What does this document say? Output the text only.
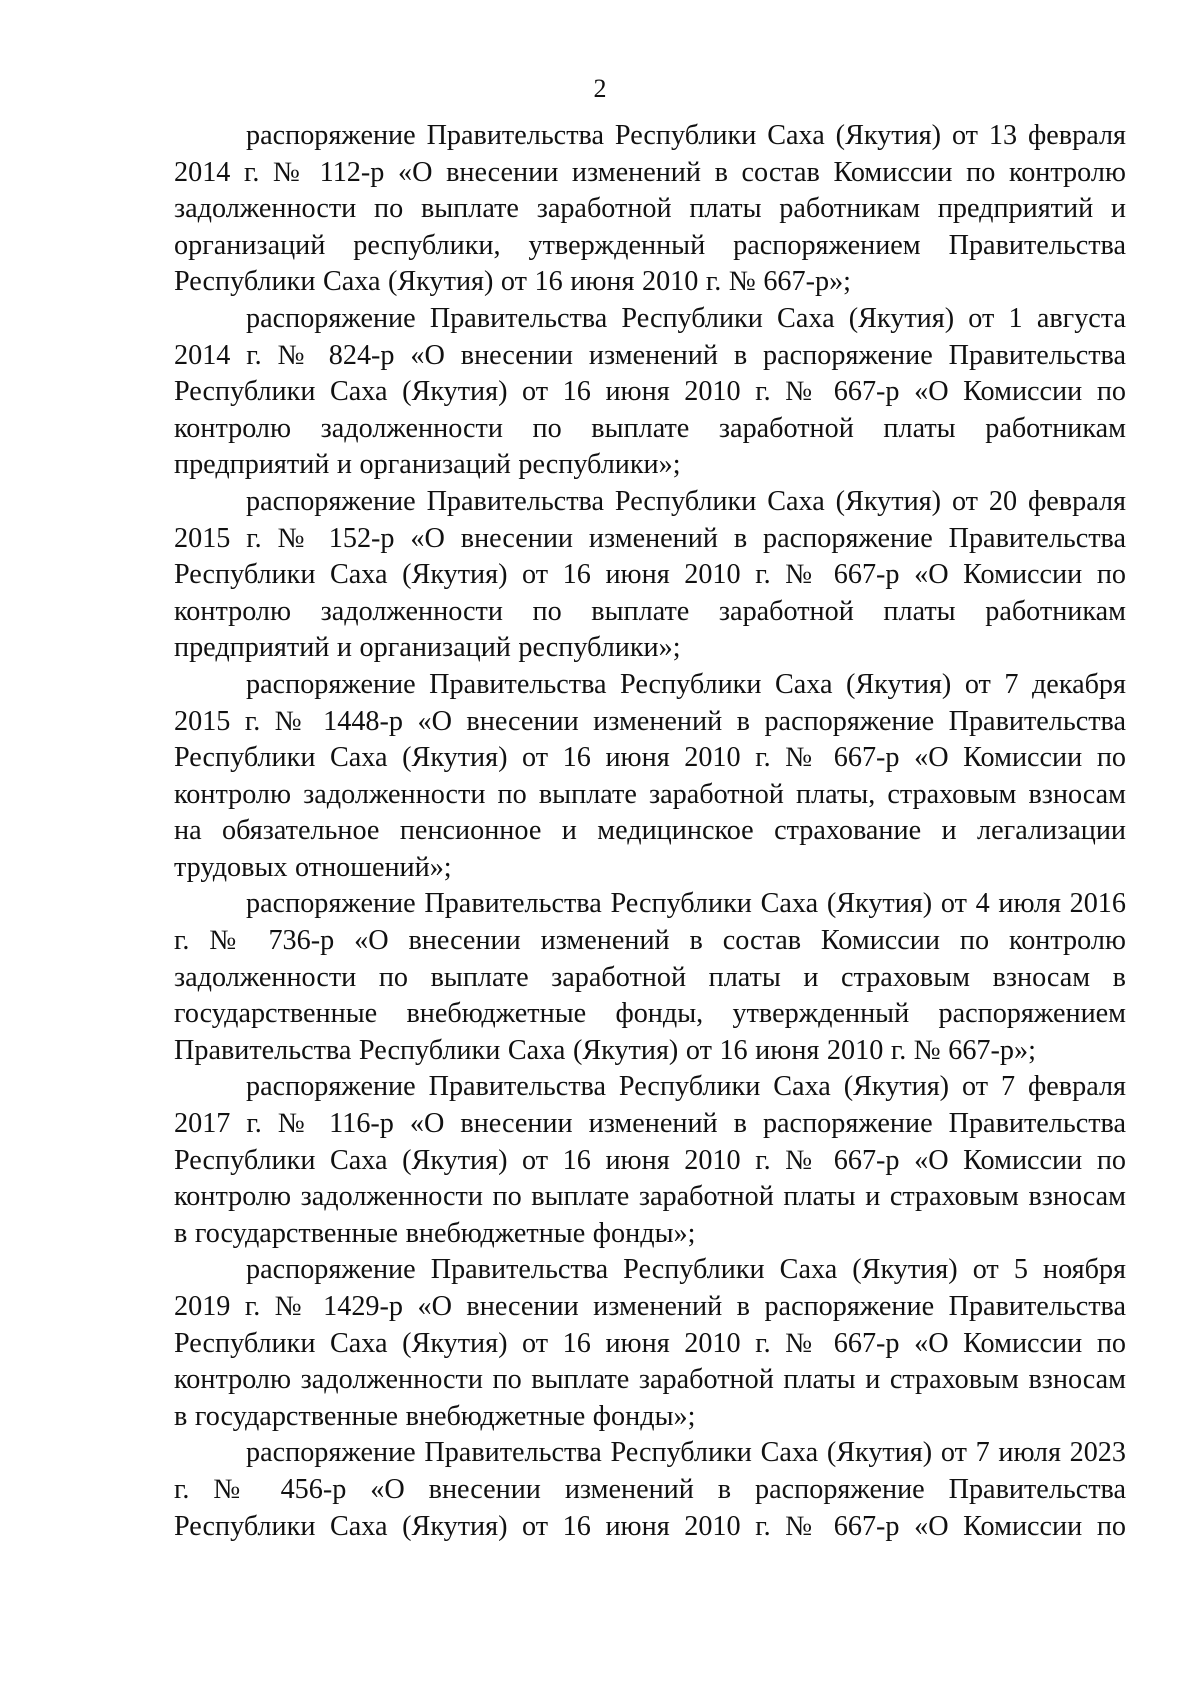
2

распоряжение Правительства Республики Саха (Якутия) от 13 февраля 2014 г. № 112-р «О внесении изменений в состав Комиссии по контролю задолженности по выплате заработной платы работникам предприятий и организаций республики, утвержденный распоряжением Правительства Республики Саха (Якутия) от 16 июня 2010 г. № 667-р»;

распоряжение Правительства Республики Саха (Якутия) от 1 августа 2014 г. № 824-р «О внесении изменений в распоряжение Правительства Республики Саха (Якутия) от 16 июня 2010 г. № 667-р «О Комиссии по контролю задолженности по выплате заработной платы работникам предприятий и организаций республики»;

распоряжение Правительства Республики Саха (Якутия) от 20 февраля 2015 г. № 152-р «О внесении изменений в распоряжение Правительства Республики Саха (Якутия) от 16 июня 2010 г. № 667-р «О Комиссии по контролю задолженности по выплате заработной платы работникам предприятий и организаций республики»;

распоряжение Правительства Республики Саха (Якутия) от 7 декабря 2015 г. № 1448-р «О внесении изменений в распоряжение Правительства Республики Саха (Якутия) от 16 июня 2010 г. № 667-р «О Комиссии по контролю задолженности по выплате заработной платы, страховым взносам на обязательное пенсионное и медицинское страхование и легализации трудовых отношений»;

распоряжение Правительства Республики Саха (Якутия) от 4 июля 2016 г. № 736-р «О внесении изменений в состав Комиссии по контролю задолженности по выплате заработной платы и страховым взносам в государственные внебюджетные фонды, утвержденный распоряжением Правительства Республики Саха (Якутия) от 16 июня 2010 г. № 667-р»;

распоряжение Правительства Республики Саха (Якутия) от 7 февраля 2017 г. № 116-р «О внесении изменений в распоряжение Правительства Республики Саха (Якутия) от 16 июня 2010 г. № 667-р «О Комиссии по контролю задолженности по выплате заработной платы и страховым взносам в государственные внебюджетные фонды»;

распоряжение Правительства Республики Саха (Якутия) от 5 ноября 2019 г. № 1429-р «О внесении изменений в распоряжение Правительства Республики Саха (Якутия) от 16 июня 2010 г. № 667-р «О Комиссии по контролю задолженности по выплате заработной платы и страховым взносам в государственные внебюджетные фонды»;

распоряжение Правительства Республики Саха (Якутия) от 7 июля 2023 г. № 456-р «О внесении изменений в распоряжение Правительства Республики Саха (Якутия) от 16 июня 2010 г. № 667-р «О Комиссии по
